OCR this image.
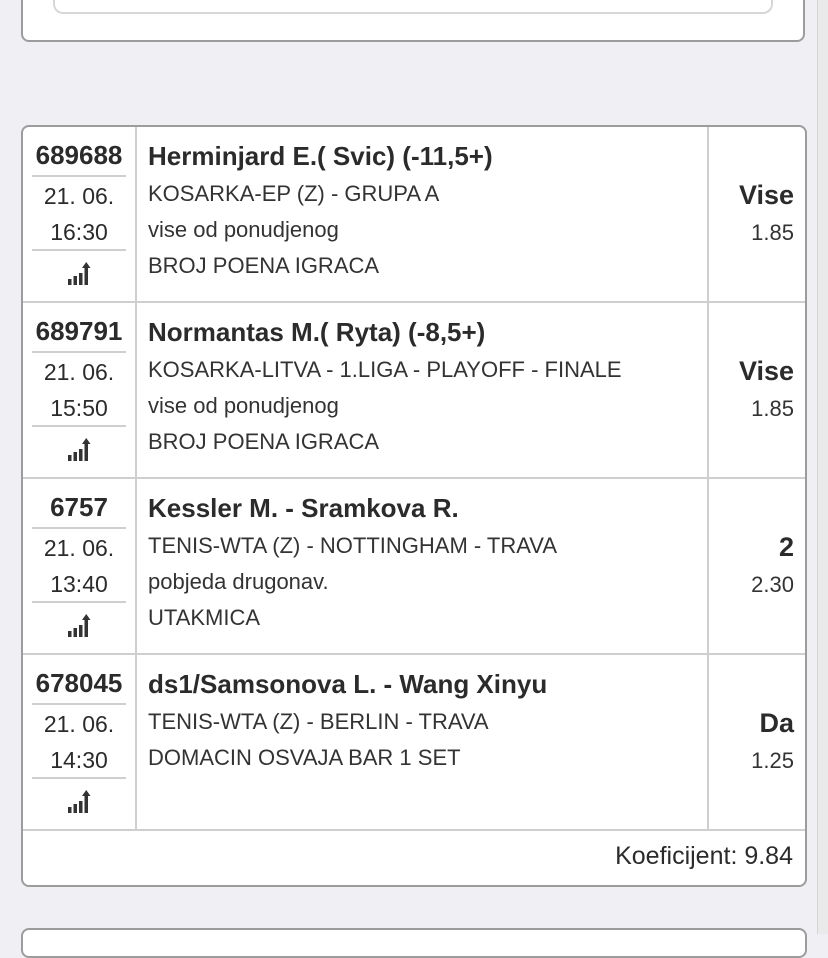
689688
21. 06.
16:30
Herminjard E.( Svic) (-11,5+)
KOSARKA-EP (Z) - GRUPA A
vise od ponudjenog
BROJ POENA IGRACA
Vise
1.85
689791
21. 06.
15:50
Normantas M.( Ryta) (-8,5+)
KOSARKA-LITVA - 1.LIGA - PLAYOFF - FINALE
vise od ponudjenog
BROJ POENA IGRACA
Vise
1.85
6757
21. 06.
13:40
Kessler M. - Sramkova R.
TENIS-WTA (Z) - NOTTINGHAM - TRAVA
pobjeda drugonav.
UTAKMICA
2
2.30
678045
21. 06.
14:30
ds1/Samsonova L. - Wang Xinyu
TENIS-WTA (Z) - BERLIN - TRAVA
DOMACIN OSVAJA BAR 1 SET
Da
1.25
Koeficijent: 9.84
